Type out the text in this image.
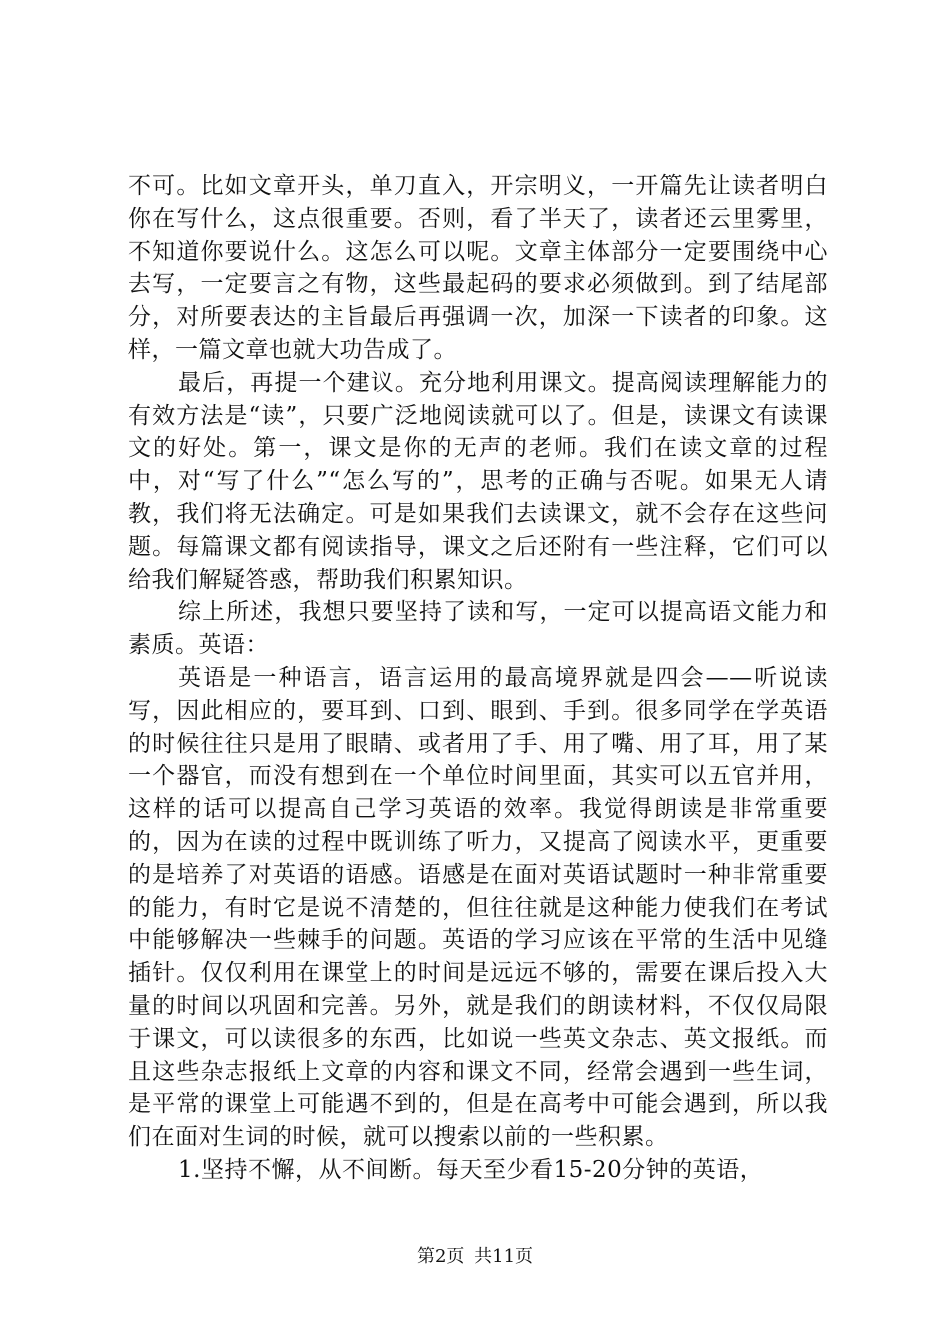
不可。比如文章开头，单刀直入，开宗明义，一开篇先让读者明白你在写什么，这点很重要。否则，看了半天了，读者还云里雾里，不知道你要说什么。这怎么可以呢。文章主体部分一定要围绕中心去写，一定要言之有物，这些最起码的要求必须做到。到了结尾部分，对所要表达的主旨最后再强调一次，加深一下读者的印象。这样，一篇文章也就大功告成了。

最后，再提一个建议。充分地利用课文。提高阅读理解能力的有效方法是“读”，只要广泛地阅读就可以了。但是，读课文有读课文的好处。第一，课文是你的无声的老师。我们在读文章的过程中，对“写了什么”“怎么写的”，思考的正确与否呢。如果无人请教，我们将无法确定。可是如果我们去读课文，就不会存在这些问题。每篇课文都有阅读指导，课文之后还附有一些注释，它们可以给我们解疑答惑，帮助我们积累知识。

综上所述，我想只要坚持了读和写，一定可以提高语文能力和素质。英语：

英语是一种语言，语言运用的最高境界就是四会——听说读写，因此相应的，要耳到、口到、眼到、手到。很多同学在学英语的时候往往只是用了眼睛、或者用了手、用了嘴、用了耳，用了某一个器官，而没有想到在一个单位时间里面，其实可以五官并用，这样的话可以提高自己学习英语的效率。我觉得朗读是非常重要的，因为在读的过程中既训练了听力，又提高了阅读水平，更重要的是培养了对英语的语感。语感是在面对英语试题时一种非常重要的能力，有时它是说不清楚的，但往往就是这种能力使我们在考试中能够解决一些棘手的问题。英语的学习应该在平常的生活中见缝插针。仅仅利用在课堂上的时间是远远不够的，需要在课后投入大量的时间以巩固和完善。另外，就是我们的朗读材料，不仅仅局限于课文，可以读很多的东西，比如说一些英文杂志、英文报纸。而且这些杂志报纸上文章的内容和课文不同，经常会遇到一些生词，是平常的课堂上可能遇不到的，但是在高考中可能会遇到，所以我们在面对生词的时候，就可以搜索以前的一些积累。

1.坚持不懈，从不间断。每天至少看15-20分钟的英语，

第2页 共11页
